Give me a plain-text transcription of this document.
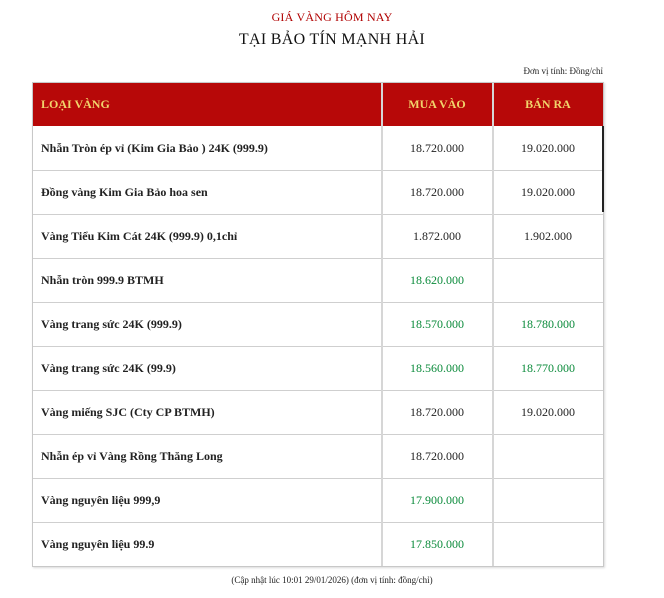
GIÁ VÀNG HÔM NAY
TẠI BẢO TÍN MẠNH HẢI
Đơn vị tính: Đồng/chỉ
LOẠI VÀNG	MUA VÀO	BÁN RA
Nhẫn Tròn ép vỉ (Kim Gia Bảo ) 24K (999.9)	18.720.000	19.020.000
Đồng vàng Kim Gia Bảo hoa sen	18.720.000	19.020.000
Vàng Tiểu Kim Cát 24K (999.9) 0,1chỉ	1.872.000	1.902.000
Nhẫn tròn 999.9 BTMH	18.620.000
Vàng trang sức 24K (999.9)	18.570.000	18.780.000
Vàng trang sức 24K (99.9)	18.560.000	18.770.000
Vàng miếng SJC (Cty CP BTMH)	18.720.000	19.020.000
Nhẫn ép vỉ Vàng Rồng Thăng Long	18.720.000
Vàng nguyên liệu 999,9	17.900.000
Vàng nguyên liệu 99.9	17.850.000
(Cập nhật lúc 10:01 29/01/2026) (đơn vị tính: đồng/chỉ)
